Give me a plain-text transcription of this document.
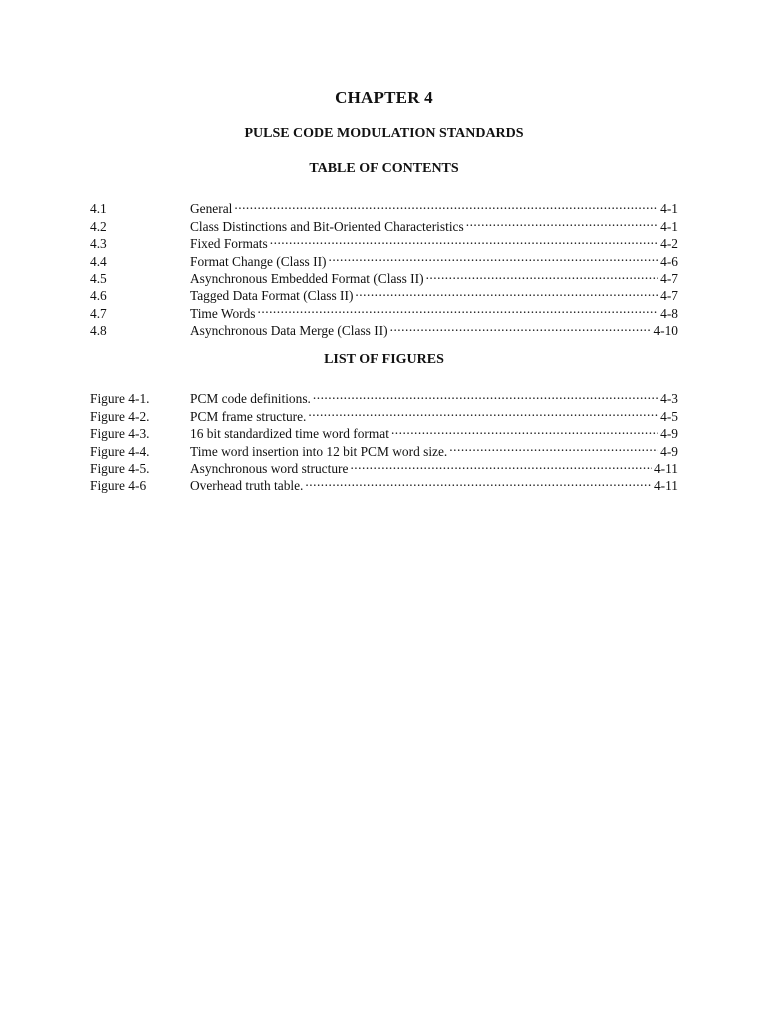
CHAPTER 4
PULSE CODE MODULATION STANDARDS
TABLE OF CONTENTS
4.1	General .....	4-1
4.2	Class Distinctions and Bit-Oriented Characteristics .....	4-1
4.3	Fixed Formats .....	4-2
4.4	Format Change (Class II) .....	4-6
4.5	Asynchronous Embedded Format (Class II) .....	4-7
4.6	Tagged Data Format (Class II) .....	4-7
4.7	Time Words .....	4-8
4.8	Asynchronous Data Merge (Class II) .....	4-10
LIST OF FIGURES
Figure 4-1.	PCM code definitions. .....	4-3
Figure 4-2.	PCM frame structure. .....	4-5
Figure 4-3.	16 bit standardized time word format .....	4-9
Figure 4-4.	Time word insertion into 12 bit PCM word size. .....	4-9
Figure 4-5.	Asynchronous word structure .....	4-11
Figure 4-6	Overhead truth table. .....	4-11
